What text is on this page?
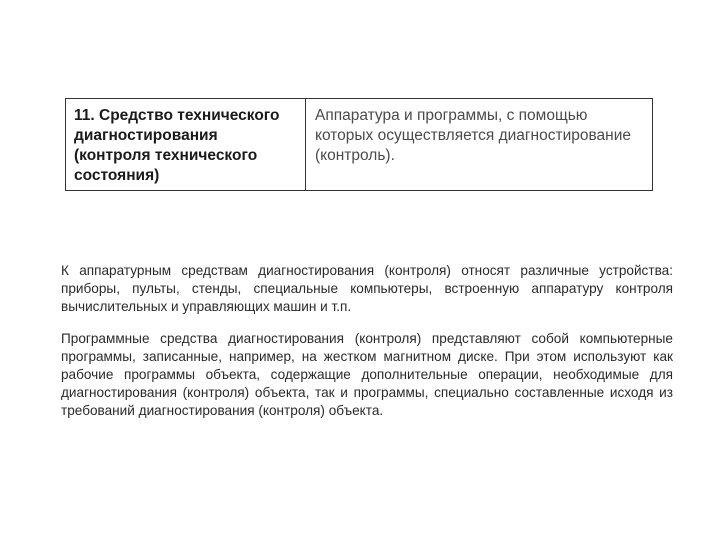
11. Средство технического диагностирования (контроля технического состояния)
Аппаратура и программы, с помощью которых осуществляется диагностирование (контроль).

К аппаратурным средствам диагностирования (контроля) относят различные устройства: приборы, пульты, стенды, специальные компьютеры, встроенную аппаратуру контроля вычислительных и управляющих машин и т.п.

Программные средства диагностирования (контроля) представляют собой компьютерные программы, записанные, например, на жестком магнитном диске. При этом используют как рабочие программы объекта, содержащие дополнительные операции, необходимые для диагностирования (контроля) объекта, так и программы, специально составленные исходя из требований диагностирования (контроля) объекта.
